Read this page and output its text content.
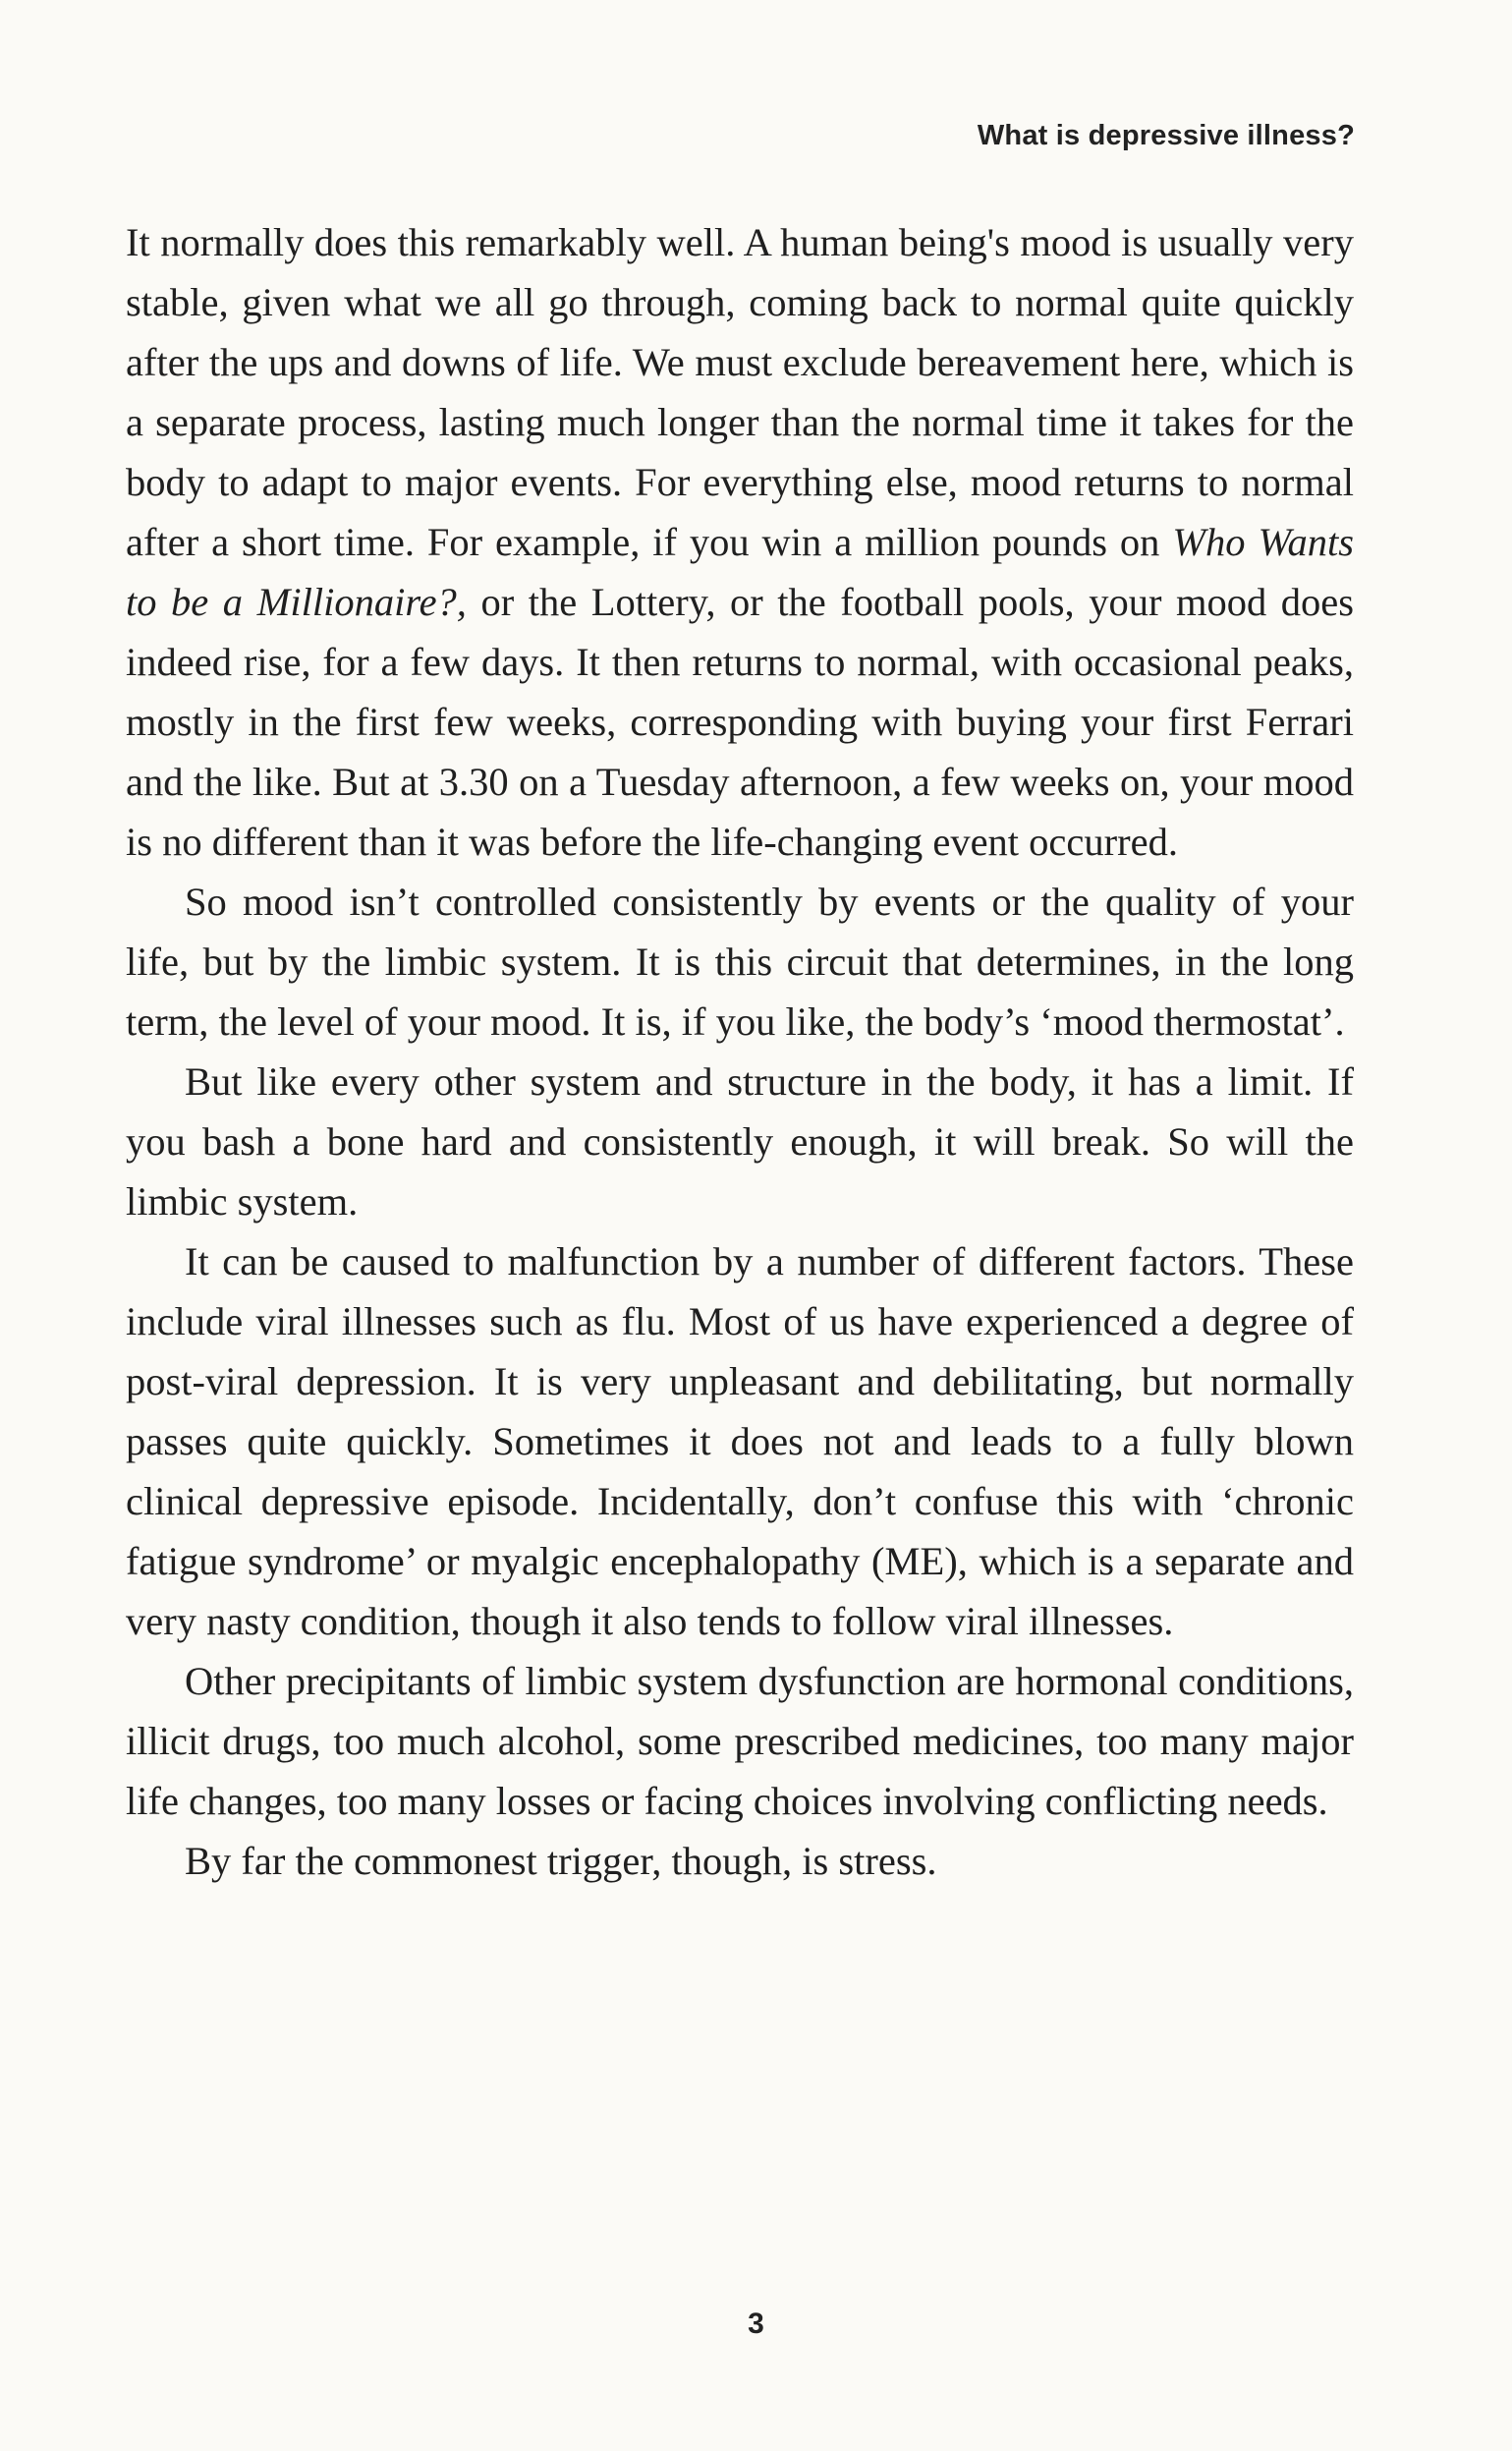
What is depressive illness?

It normally does this remarkably well. A human being's mood is usually very stable, given what we all go through, coming back to normal quite quickly after the ups and downs of life. We must exclude bereavement here, which is a separate process, lasting much longer than the normal time it takes for the body to adapt to major events. For everything else, mood returns to normal after a short time. For example, if you win a million pounds on Who Wants to be a Millionaire?, or the Lottery, or the football pools, your mood does indeed rise, for a few days. It then returns to normal, with occasional peaks, mostly in the first few weeks, corresponding with buying your first Ferrari and the like. But at 3.30 on a Tuesday afternoon, a few weeks on, your mood is no different than it was before the life-changing event occurred.

So mood isn’t controlled consistently by events or the quality of your life, but by the limbic system. It is this circuit that determines, in the long term, the level of your mood. It is, if you like, the body’s ‘mood thermostat’.

But like every other system and structure in the body, it has a limit. If you bash a bone hard and consistently enough, it will break. So will the limbic system.

It can be caused to malfunction by a number of different factors. These include viral illnesses such as flu. Most of us have experienced a degree of post-viral depression. It is very unpleasant and debilitating, but normally passes quite quickly. Sometimes it does not and leads to a fully blown clinical depressive episode. Incidentally, don’t confuse this with ‘chronic fatigue syndrome’ or myalgic encephalopathy (ME), which is a separate and very nasty condition, though it also tends to follow viral illnesses.

Other precipitants of limbic system dysfunction are hormonal conditions, illicit drugs, too much alcohol, some prescribed medicines, too many major life changes, too many losses or facing choices involving conflicting needs.

By far the commonest trigger, though, is stress.

3
